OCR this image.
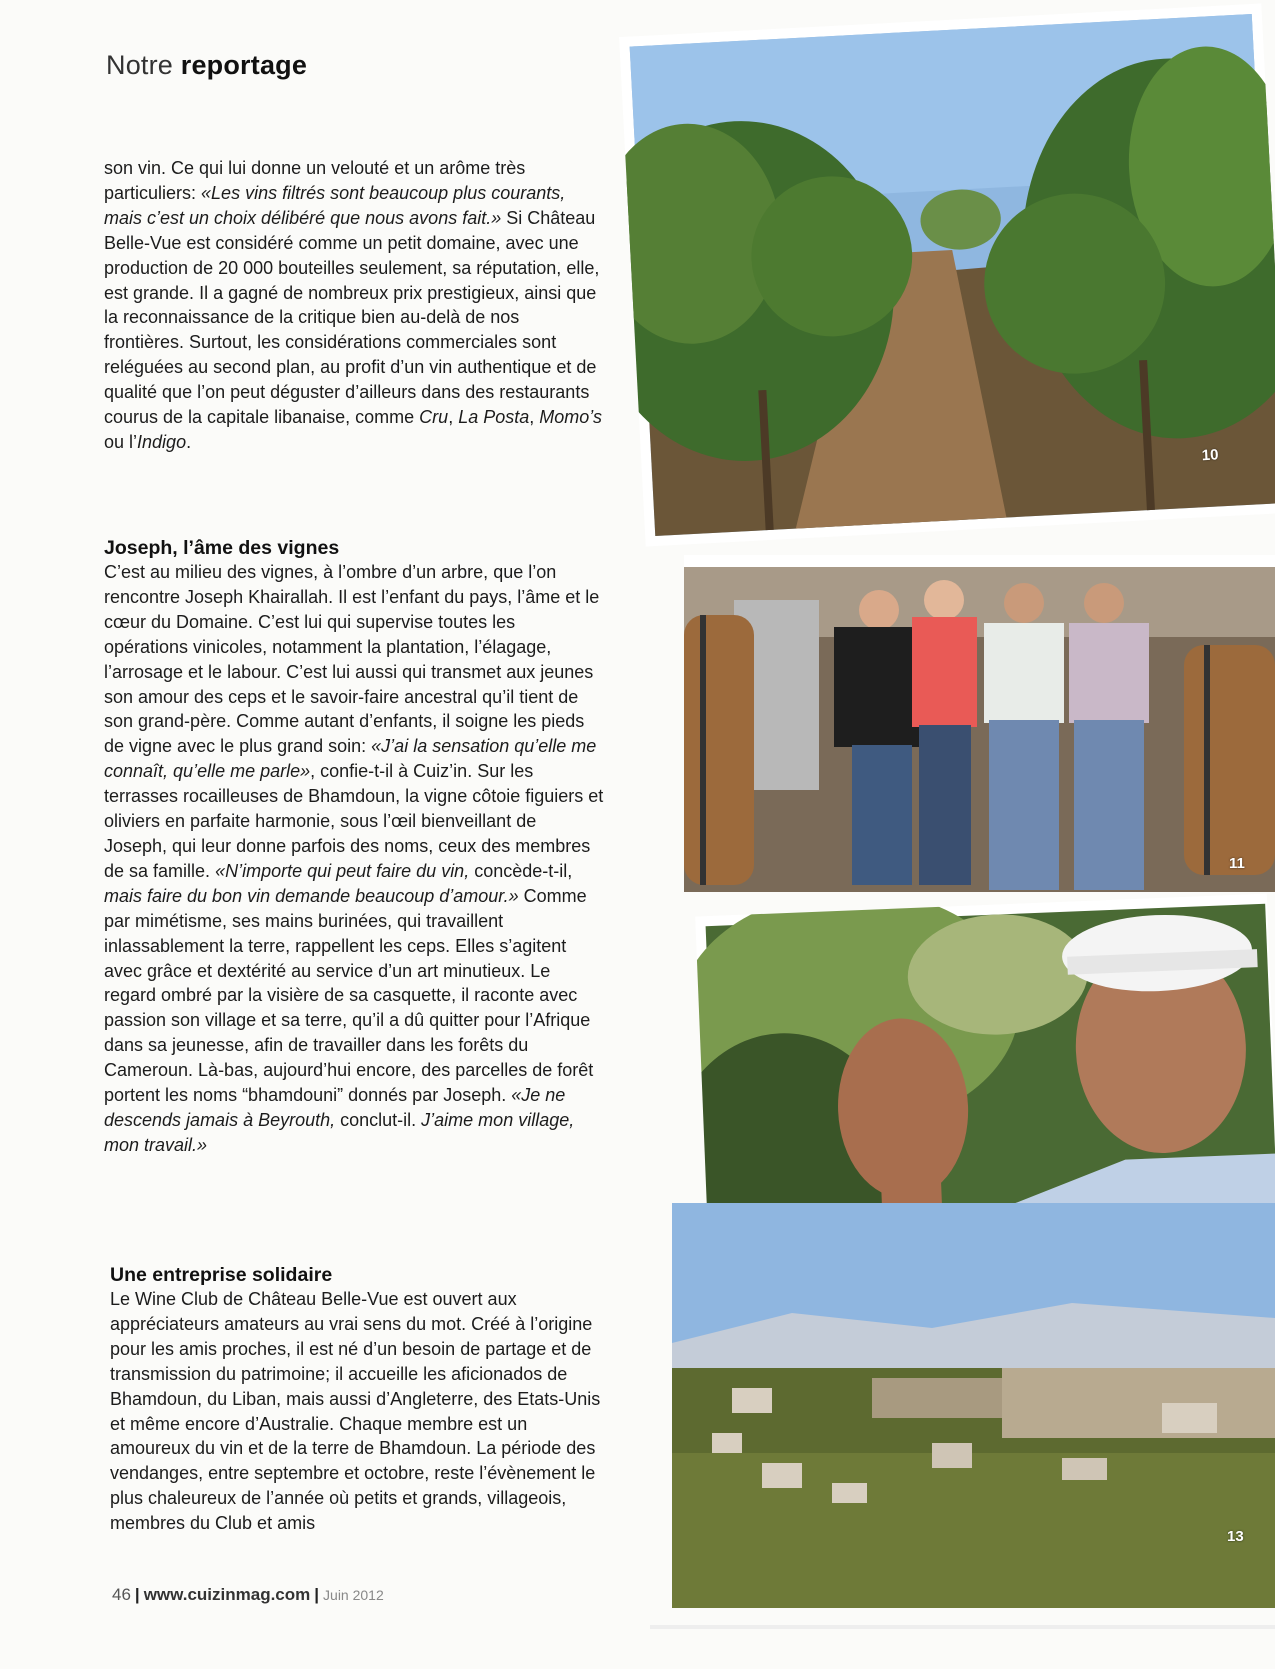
Notre reportage

son vin. Ce qui lui donne un velouté et un arôme très particuliers: «Les vins filtrés sont beaucoup plus courants, mais c’est un choix délibéré que nous avons fait.» Si Château Belle-Vue est considéré comme un petit domaine, avec une production de 20 000 bouteilles seulement, sa réputation, elle, est grande. Il a gagné de nombreux prix prestigieux, ainsi que la reconnaissance de la critique bien au-delà de nos frontières. Surtout, les considérations commerciales sont reléguées au second plan, au profit d’un vin authentique et de qualité que l’on peut déguster d’ailleurs dans des restaurants courus de la capitale libanaise, comme Cru, La Posta, Momo’s ou l’Indigo.

Joseph, l’âme des vignes

C’est au milieu des vignes, à l’ombre d’un arbre, que l’on rencontre Joseph Khairallah. Il est l’enfant du pays, l’âme et le cœur du Domaine. C’est lui qui supervise toutes les opérations vinicoles, notamment la plantation, l’élagage, l’arrosage et le labour. C’est lui aussi qui transmet aux jeunes son amour des ceps et le savoir-faire ancestral qu’il tient de son grand-père. Comme autant d’enfants, il soigne les pieds de vigne avec le plus grand soin: «J’ai la sensation qu’elle me connaît, qu’elle me parle», confie-t-il à Cuiz’in. Sur les terrasses rocailleuses de Bhamdoun, la vigne côtoie figuiers et oliviers en parfaite harmonie, sous l’œil bienveillant de Joseph, qui leur donne parfois des noms, ceux des membres de sa famille. «N’importe qui peut faire du vin, concède-t-il, mais faire du bon vin demande beaucoup d’amour.» Comme par mimétisme, ses mains burinées, qui travaillent inlassablement la terre, rappellent les ceps. Elles s’agitent avec grâce et dextérité au service d’un art minutieux. Le regard ombré par la visière de sa casquette, il raconte avec passion son village et sa terre, qu’il a dû quitter pour l’Afrique dans sa jeunesse, afin de travailler dans les forêts du Cameroun. Là-bas, aujourd’hui encore, des parcelles de forêt portent les noms “bhamdouni” donnés par Joseph. «Je ne descends jamais à Beyrouth, conclut-il. J’aime mon village, mon travail.»

Une entreprise solidaire

Le Wine Club de Château Belle-Vue est ouvert aux appréciateurs amateurs au vrai sens du mot. Créé à l’origine pour les amis proches, il est né d’un besoin de partage et de transmission du patrimoine; il accueille les aficionados de Bhamdoun, du Liban, mais aussi d’Angleterre, des Etats-Unis et même encore d’Australie. Chaque membre est un amoureux du vin et de la terre de Bhamdoun. La période des vendanges, entre septembre et octobre, reste l’évènement le plus chaleureux de l’année où petits et grands, villageois, membres du Club et amis

46 | www.cuizinmag.com | Juin 2012
10
11
13
